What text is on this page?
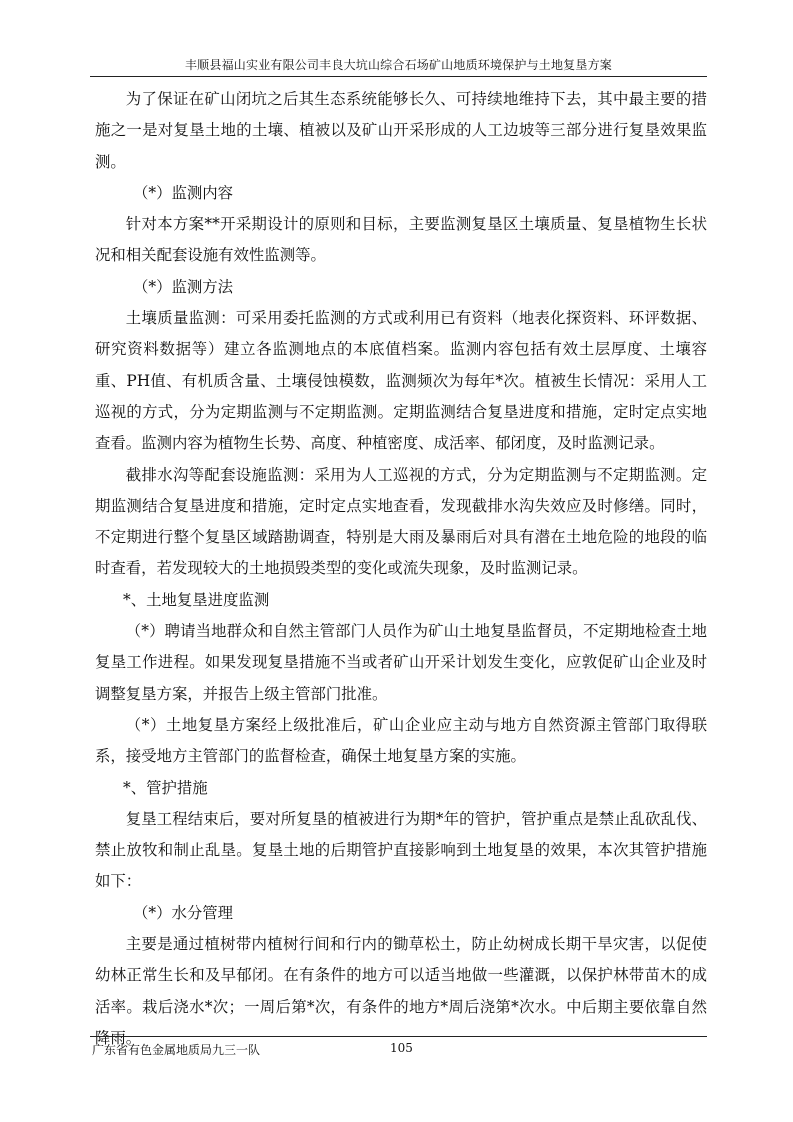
丰顺县福山实业有限公司丰良大坑山综合石场矿山地质环境保护与土地复垦方案

为了保证在矿山闭坑之后其生态系统能够长久、可持续地维持下去，其中最主要的措施之一是对复垦土地的土壤、植被以及矿山开采形成的人工边坡等三部分进行复垦效果监测。

（*）监测内容

针对本方案**开采期设计的原则和目标，主要监测复垦区土壤质量、复垦植物生长状况和相关配套设施有效性监测等。

（*）监测方法

土壤质量监测：可采用委托监测的方式或利用已有资料（地表化探资料、环评数据、研究资料数据等）建立各监测地点的本底值档案。监测内容包括有效土层厚度、土壤容重、PH值、有机质含量、土壤侵蚀模数，监测频次为每年*次。植被生长情况：采用人工巡视的方式，分为定期监测与不定期监测。定期监测结合复垦进度和措施，定时定点实地查看。监测内容为植物生长势、高度、种植密度、成活率、郁闭度，及时监测记录。

截排水沟等配套设施监测：采用为人工巡视的方式，分为定期监测与不定期监测。定期监测结合复垦进度和措施，定时定点实地查看，发现截排水沟失效应及时修缮。同时，不定期进行整个复垦区域踏勘调查，特别是大雨及暴雨后对具有潜在土地危险的地段的临时查看，若发现较大的土地损毁类型的变化或流失现象，及时监测记录。

*、土地复垦进度监测

（*）聘请当地群众和自然主管部门人员作为矿山土地复垦监督员，不定期地检查土地复垦工作进程。如果发现复垦措施不当或者矿山开采计划发生变化，应敦促矿山企业及时调整复垦方案，并报告上级主管部门批准。

（*）土地复垦方案经上级批准后，矿山企业应主动与地方自然资源主管部门取得联系，接受地方主管部门的监督检查，确保土地复垦方案的实施。

*、管护措施

复垦工程结束后，要对所复垦的植被进行为期*年的管护，管护重点是禁止乱砍乱伐、禁止放牧和制止乱垦。复垦土地的后期管护直接影响到土地复垦的效果，本次其管护措施如下：

（*）水分管理

主要是通过植树带内植树行间和行内的锄草松土，防止幼树成长期干旱灾害，以促使幼林正常生长和及早郁闭。在有条件的地方可以适当地做一些灌溉，以保护林带苗木的成活率。栽后浇水*次；一周后第*次，有条件的地方*周后浇第*次水。中后期主要依靠自然降雨。

广东省有色金属地质局九三一队	105
